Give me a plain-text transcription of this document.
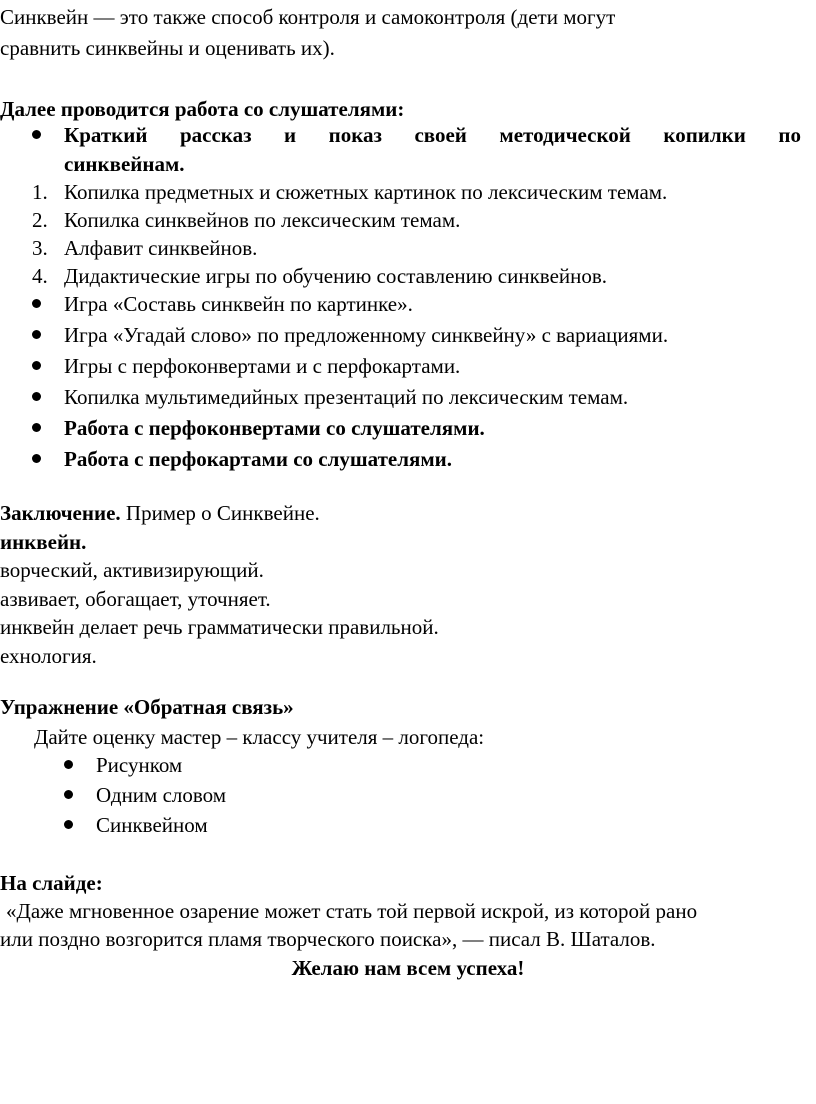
Синквейн — это также способ контроля и самоконтроля (дети могут
сравнить синквейны и оценивать их).
Далее проводится работа со слушателями:
Краткий рассказ и показ своей методической копилки по
синквейнам.
1. Копилка предметных и сюжетных картинок по лексическим темам.
2. Копилка синквейнов по лексическим темам.
3. Алфавит синквейнов.
4. Дидактические игры по обучению составлению синквейнов.
Игра «Составь синквейн по картинке».
Игра «Угадай слово» по предложенному синквейну» с вариациями.
Игры с перфоконвертами и с перфокартами.
Копилка мультимедийных презентаций по лексическим темам.
Работа с перфоконвертами со слушателями.
Работа с перфокартами со слушателями.
Заключение. Пример о Синквейне.
инквейн.
ворческий, активизирующий.
азвивает, обогащает, уточняет.
инквейн делает речь грамматически правильной.
ехнология.
Упражнение «Обратная связь»
Дайте оценку мастер – классу учителя – логопеда:
Рисунком
Одним словом
Синквейном
На слайде:
«Даже мгновенное озарение может стать той первой искрой, из которой рано
или поздно возгорится пламя творческого поиска», — писал В. Шаталов.
Желаю нам всем успеха!
